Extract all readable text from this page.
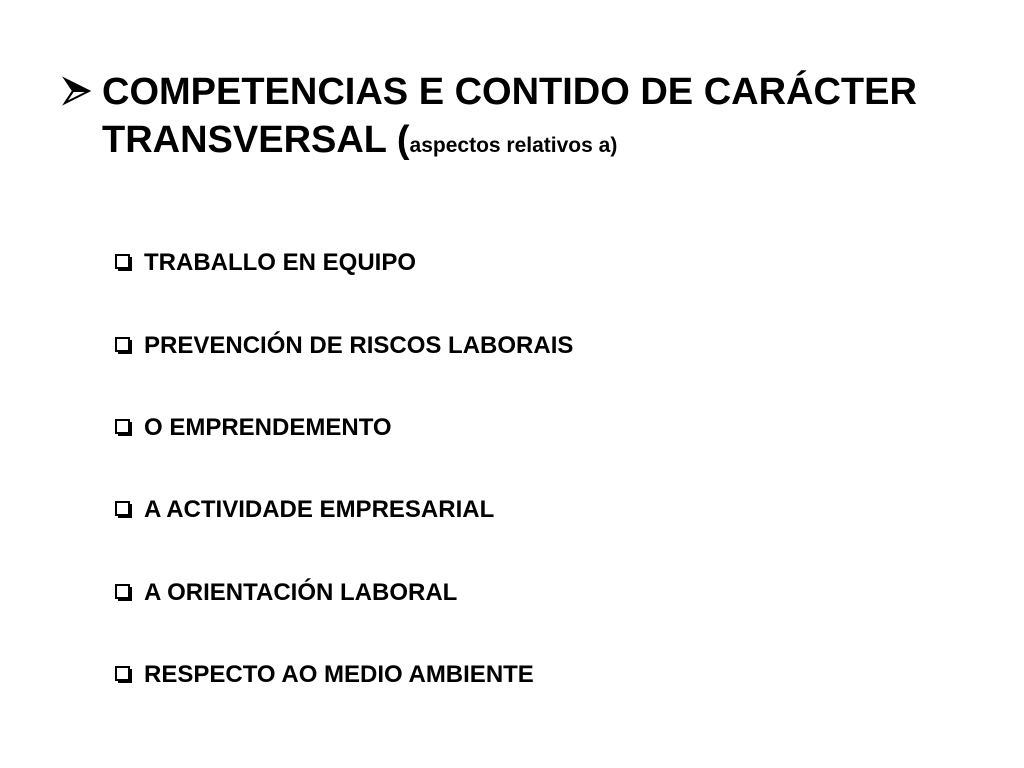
COMPETENCIAS E CONTIDO DE CARÁCTER
TRANSVERSAL (aspectos relativos a)
TRABALLO EN EQUIPO
PREVENCIÓN DE RISCOS LABORAIS
O EMPRENDEMENTO
A ACTIVIDADE EMPRESARIAL
A ORIENTACIÓN LABORAL
RESPECTO AO MEDIO AMBIENTE
